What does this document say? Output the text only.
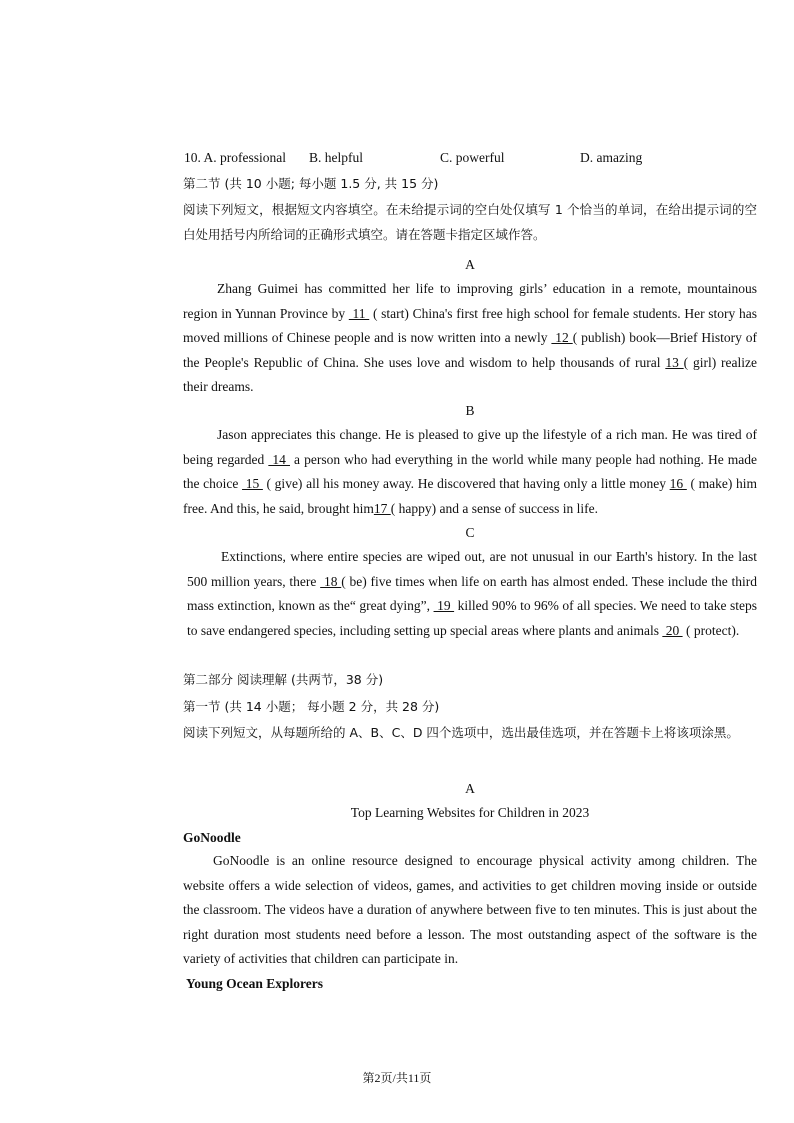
10. A. professional B. helpful	C. powerful	D. amazing
第二节 (共 10 小题; 每小题 1.5 分, 共 15 分)
阅读下列短文，根据短文内容填空。在未给提示词的空白处仅填写 1 个恰当的单词，在给出提示词的空白处用括号内所给词的正确形式填空。请在答题卡指定区域作答。
A
Zhang Guimei has committed her life to improving girls’ education in a remote, mountainous region in Yunnan Province by  11  ( start) China's first free high school for female students. Her story has moved millions of Chinese people and is now written into a newly  12 ( publish) book—Brief History of the People's Republic of China. She uses love and wisdom to help thousands of rural 13 ( girl) realize their dreams.
B
Jason appreciates this change. He is pleased to give up the lifestyle of a rich man. He was tired of being regarded  14  a person who had everything in the world while many people had nothing. He made the choice  15  ( give) all his money away. He discovered that having only a little money 16  ( make) him free. And this, he said, brought him17 ( happy) and a sense of success in life.
C
Extinctions, where entire species are wiped out, are not unusual in our Earth's history. In the last 500 million years, there  18 ( be) five times when life on earth has almost ended. These include the third mass extinction, known as the“ great dying”,  19  killed 90% to 96% of all species. We need to take steps to save endangered species, including setting up special areas where plants and animals  20  ( protect).
第二部分 阅读理解 (共两节，38 分)
第一节 (共 14 小题； 每小题 2 分，共 28 分)
阅读下列短文，从每题所给的 A、B、C、D 四个选项中，选出最佳选项，并在答题卡上将该项涂黑。
A
Top Learning Websites for Children in 2023
GoNoodle
GoNoodle is an online resource designed to encourage physical activity among children. The website offers a wide selection of videos, games, and activities to get children moving inside or outside the classroom. The videos have a duration of anywhere between five to ten minutes. This is just about the right duration most students need before a lesson. The most outstanding aspect of the software is the variety of activities that children can participate in.
Young Ocean Explorers
第2页/共11页
